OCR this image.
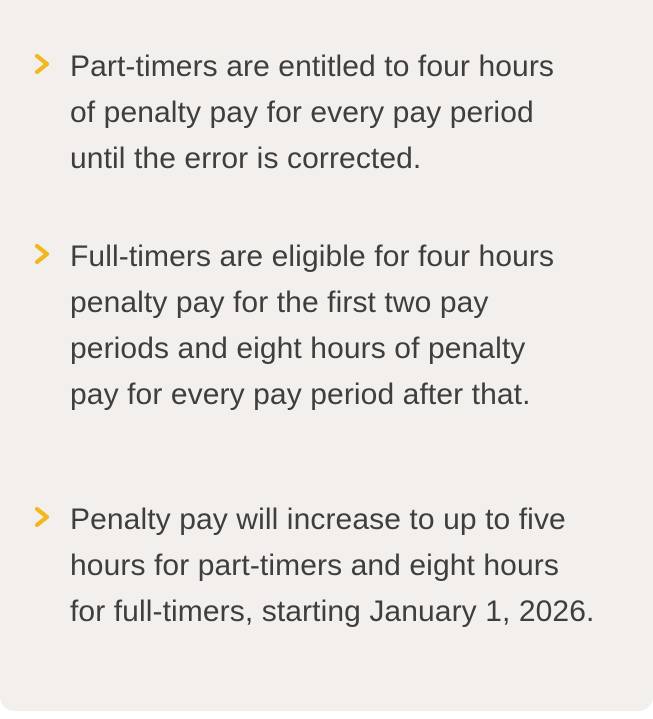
Part-timers are entitled to four hours
of penalty pay for every pay period
until the error is corrected.
Full-timers are eligible for four hours
penalty pay for the first two pay
periods and eight hours of penalty
pay for every pay period after that.
Penalty pay will increase to up to five
hours for part-timers and eight hours
for full-timers, starting January 1, 2026.
